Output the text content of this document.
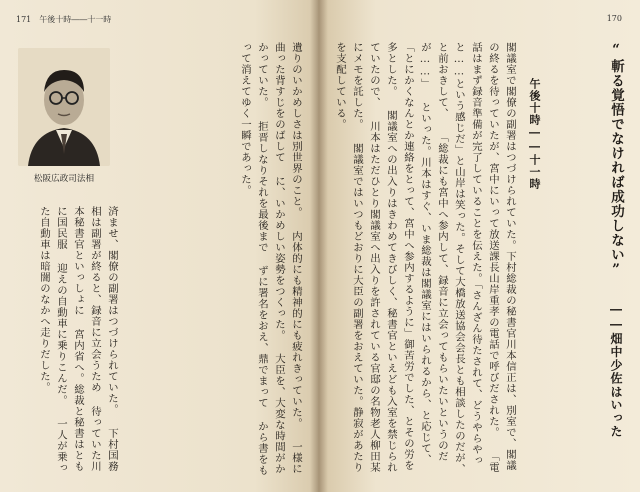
171　午後十時――十一時
松阪広政司法相
済ませ、閣僚の副署はつづけられていた。 下村国務相は副署が終ると、録音に立会うため 待っていた川本秘書官といっしょに 宮内省へ。総裁と秘書はともに国民服 迎えの自動車に乗りこんだ。 一人が乗った自動車は暗闇のなかへ走りだした。
遺りのいかめしさは別世界のこと。 内体的にも精神的にも疲れきっていた。 一様に曲った背すじをのばして に、いかめしい姿勢をつくった。 大臣を、大変な時間がかかっていた。 拒晋しなりそれを最後まで ずに署名をおえ、鼎でまって から書をもって消えてゆく一瞬であった。
170
閣議室で閣僚の副署はつづけられていた。下村総裁の秘書官川本信正は、別室で、閣議の終るを待っていたが、宮中にいって放送課長山岸重孝の電話で呼びだされた。 「電話はまず録音準備が完了していることを伝えた。「さんざん待たされて、どうやらやっと……という感じだ」と山岸は笑った。そして大橋放送協会会長とも相談したのだが、と前おきして、 「総裁にも宮中へ参内して、録音に立会ってもらいたいというのだが……」 といった。川本はすぐ、いま総裁は閣議室にはいられるから、と応じて、「とにかくなんとか連絡をとって、宮中へ参内するように」御苦労でした、とその労を多とした。 閣議室への出入りはきわめてきびしく、秘書官といえども入室を禁じられていたので、 川本はただひとり閣議室へ出入りを許されている官邸の名物老人柳田某にメモを託した。 閣議室ではいつもどおりに大臣の副署をおえていた。静寂があたりを支配している。	午後十時――十一時	“斬る覚悟でなければ成功しない” ――畑中少佐はいった
